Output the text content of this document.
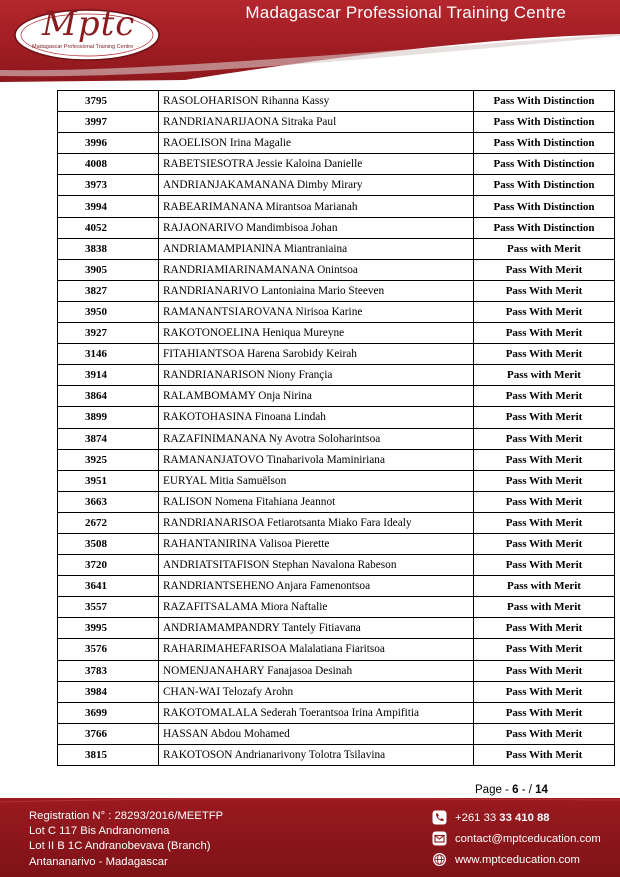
Mptc
Madagascar Professional Training Centre
Madagascar Professional Training Centre
3795	RASOLOHARISON Rihanna Kassy	Pass With Distinction
3997	RANDRIANARIJAONA Sitraka Paul	Pass With Distinction
3996	RAOELISON Irina Magalie	Pass With Distinction
4008	RABETSIESOTRA Jessie Kaloina Danielle	Pass With Distinction
3973	ANDRIANJAKAMANANA Dimby Mirary	Pass With Distinction
3994	RABEARIMANANA Mirantsoa Marianah	Pass With Distinction
4052	RAJAONARIVO Mandimbisoa Johan	Pass With Distinction
3838	ANDRIAMAMPIANINA Miantraniaina	Pass with Merit
3905	RANDRIAMIARINAMANANA Onintsoa	Pass With Merit
3827	RANDRIANARIVO Lantoniaina Mario Steeven	Pass With Merit
3950	RAMANANTSIAROVANA Nirisoa Karine	Pass With Merit
3927	RAKOTONOELINA Heniqua Mureyne	Pass With Merit
3146	FITAHIANTSOA Harena Sarobidy Keirah	Pass With Merit
3914	RANDRIANARISON Niony Françia	Pass with Merit
3864	RALAMBOMAMY Onja Nirina	Pass With Merit
3899	RAKOTOHASINA Finoana Lindah	Pass With Merit
3874	RAZAFINIMANANA Ny Avotra Soloharintsoa	Pass With Merit
3925	RAMANANJATOVO Tinaharivola Maminiriana	Pass With Merit
3951	EURYAL Mitia Samuëlson	Pass With Merit
3663	RALISON Nomena Fitahiana Jeannot	Pass With Merit
2672	RANDRIANARISOA Fetiarotsanta Miako Fara Idealy	Pass With Merit
3508	RAHANTANIRINA Valisoa Pierette	Pass With Merit
3720	ANDRIATSITAFISON Stephan Navalona Rabeson	Pass With Merit
3641	RANDRIANTSEHENO Anjara Famenontsoa	Pass with Merit
3557	RAZAFITSALAMA Miora Naftalie	Pass with Merit
3995	ANDRIAMAMPANDRY Tantely Fitiavana	Pass With Merit
3576	RAHARIMAHEFARISOA Malalatiana Fiaritsoa	Pass With Merit
3783	NOMENJANAHARY Fanajasoa Desinah	Pass With Merit
3984	CHAN-WAI Telozafy Arohn	Pass With Merit
3699	RAKOTOMALALA Sederah Toerantsoa Irina Ampifitia	Pass With Merit
3766	HASSAN Abdou Mohamed	Pass With Merit
3815	RAKOTOSON Andrianarivony Tolotra Tsilavina	Pass With Merit
Page - 6 - / 14
Registration N° : 28293/2016/MEETFP
Lot C 117 Bis Andranomena
Lot II B 1C Andranobevava (Branch)
Antananarivo - Madagascar
+261 33 33 410 88
contact@mptceducation.com
www.mptceducation.com
